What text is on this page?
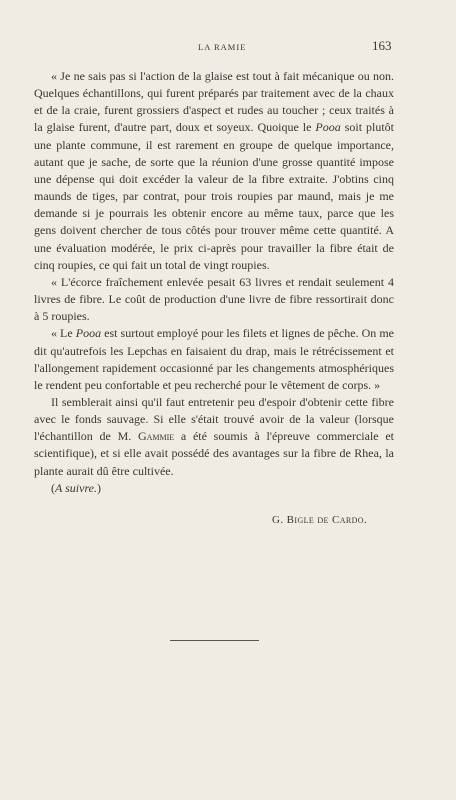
LA RAMIE	163

« Je ne sais pas si l'action de la glaise est tout à fait mécanique ou non. Quelques échantillons, qui furent préparés par traitement avec de la chaux et de la craie, furent grossiers d'aspect et rudes au toucher ; ceux traités à la glaise furent, d'autre part, doux et soyeux. Quoique le Pooa soit plutôt une plante commune, il est rarement en groupe de quelque importance, autant que je sache, de sorte que la réunion d'une grosse quantité impose une dépense qui doit excéder la valeur de la fibre extraite. J'obtins cinq maunds de tiges, par contrat, pour trois roupies par maund, mais je me demande si je pourrais les obtenir encore au même taux, parce que les gens doivent chercher de tous côtés pour trouver même cette quantité. A une évaluation modérée, le prix ci-après pour travailler la fibre était de cinq roupies, ce qui fait un total de vingt roupies.

« L'écorce fraîchement enlevée pesait 63 livres et rendait seulement 4 livres de fibre. Le coût de production d'une livre de fibre ressortirait donc à 5 roupies.

« Le Pooa est surtout employé pour les filets et lignes de pêche. On me dit qu'autrefois les Lepchas en faisaient du drap, mais le rétrécissement et l'allongement rapidement occasionné par les changements atmosphériques le rendent peu confortable et peu recherché pour le vêtement de corps. »

Il semblerait ainsi qu'il faut entretenir peu d'espoir d'obtenir cette fibre avec le fonds sauvage. Si elle s'était trouvé avoir de la valeur (lorsque l'échantillon de M. Gammie a été soumis à l'épreuve commerciale et scientifique), et si elle avait possédé des avantages sur la fibre de Rhea, la plante aurait dû être cultivée.

(A suivre.)

G. Bigle de Cardo.
